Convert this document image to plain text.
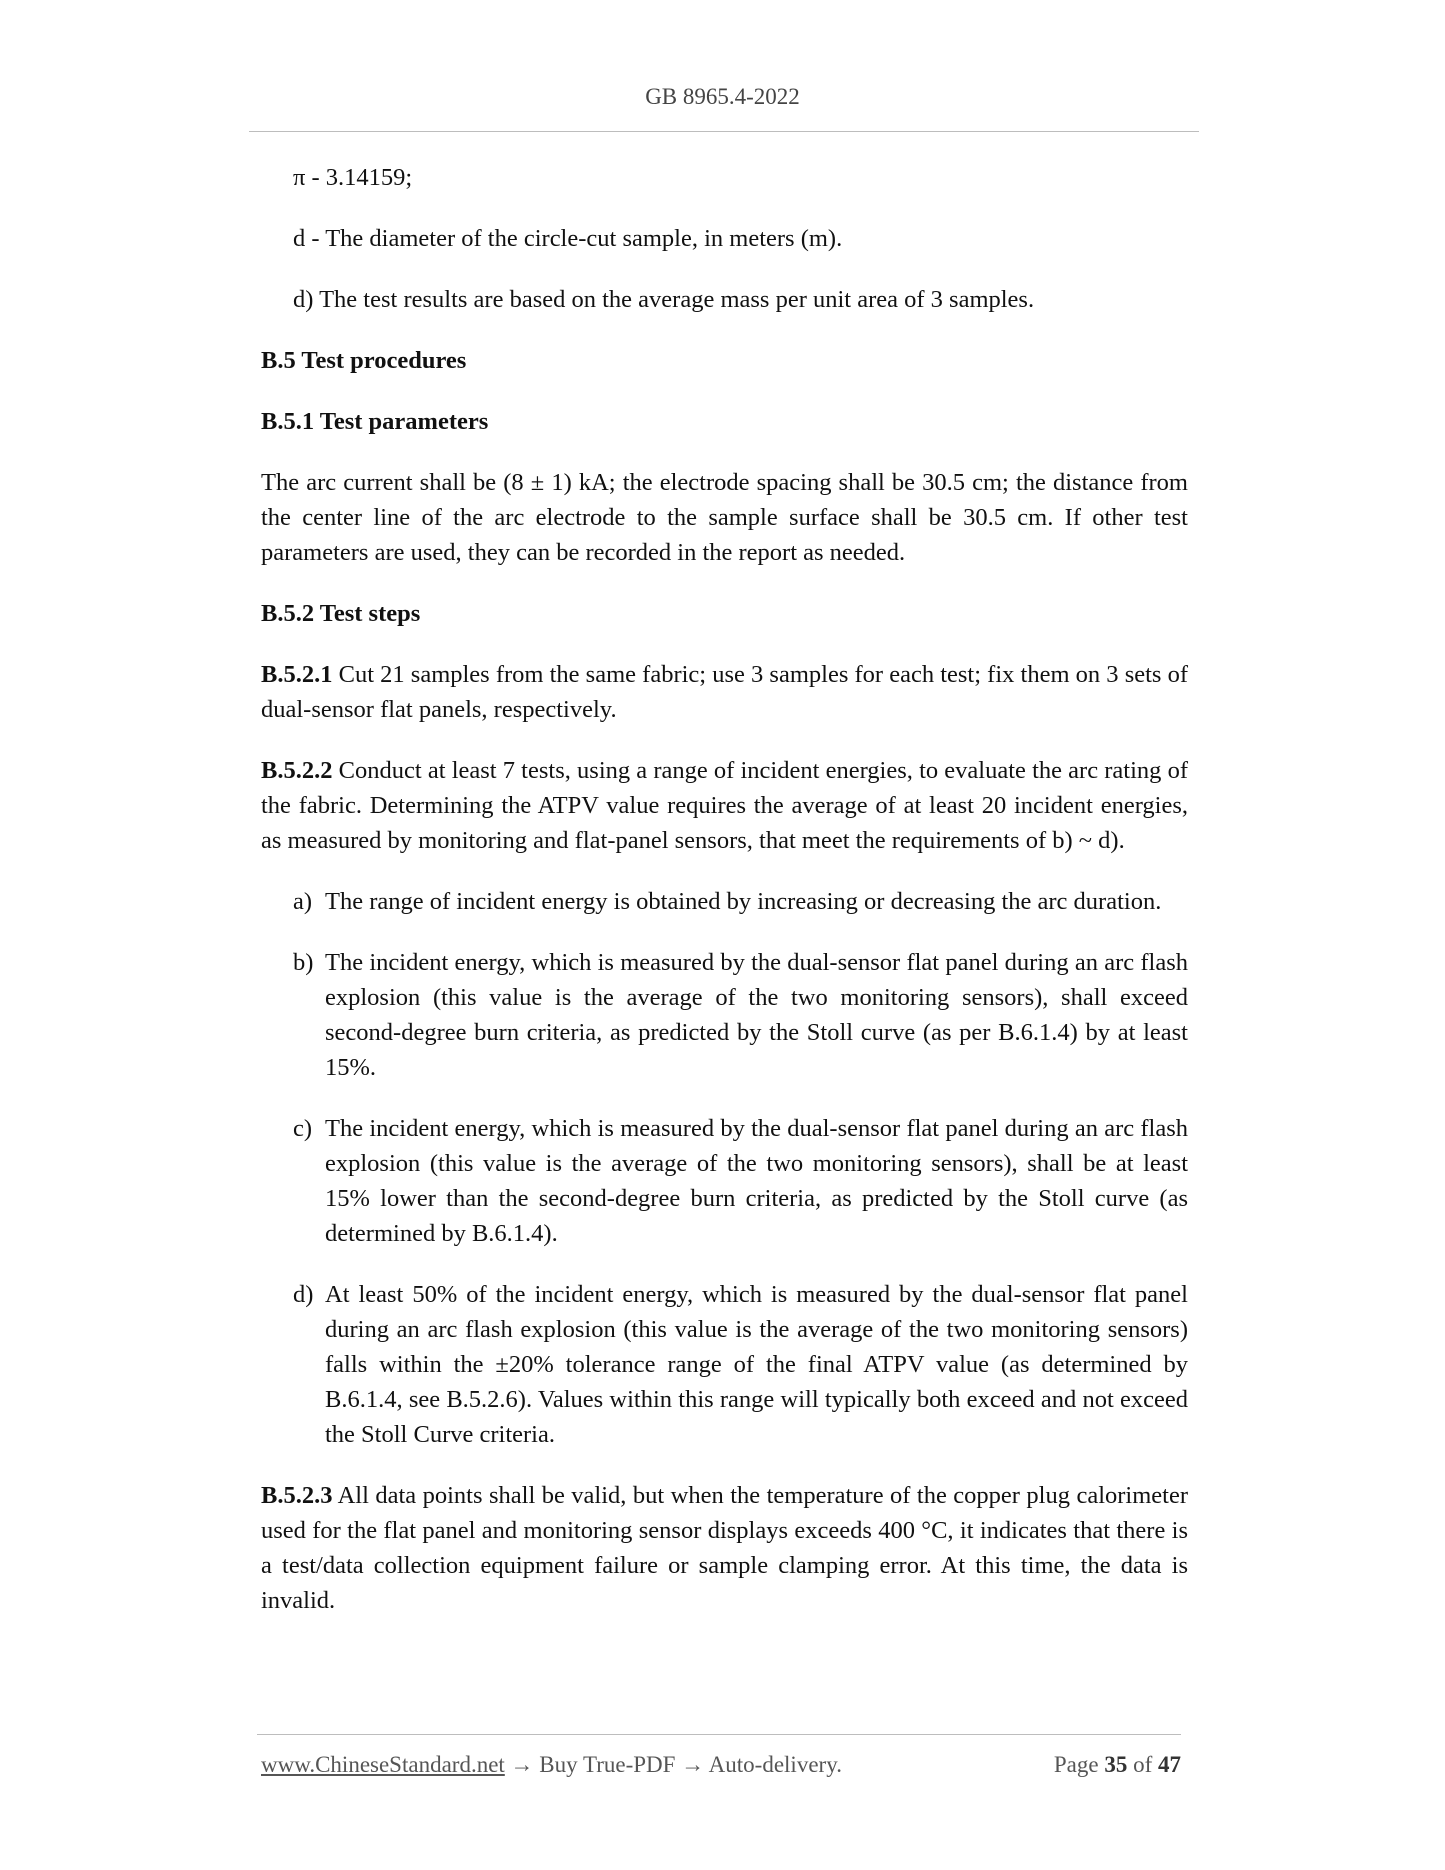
GB 8965.4-2022

π - 3.14159;

d - The diameter of the circle-cut sample, in meters (m).

d) The test results are based on the average mass per unit area of 3 samples.

B.5 Test procedures
B.5.1 Test parameters

The arc current shall be (8 ± 1) kA; the electrode spacing shall be 30.5 cm; the distance from the center line of the arc electrode to the sample surface shall be 30.5 cm. If other test parameters are used, they can be recorded in the report as needed.

B.5.2 Test steps

B.5.2.1 Cut 21 samples from the same fabric; use 3 samples for each test; fix them on 3 sets of dual-sensor flat panels, respectively.

B.5.2.2 Conduct at least 7 tests, using a range of incident energies, to evaluate the arc rating of the fabric. Determining the ATPV value requires the average of at least 20 incident energies, as measured by monitoring and flat-panel sensors, that meet the requirements of b) ~ d).

a) The range of incident energy is obtained by increasing or decreasing the arc duration.
b) The incident energy, which is measured by the dual-sensor flat panel during an arc flash explosion (this value is the average of the two monitoring sensors), shall exceed second-degree burn criteria, as predicted by the Stoll curve (as per B.6.1.4) by at least 15%.
c) The incident energy, which is measured by the dual-sensor flat panel during an arc flash explosion (this value is the average of the two monitoring sensors), shall be at least 15% lower than the second-degree burn criteria, as predicted by the Stoll curve (as determined by B.6.1.4).
d) At least 50% of the incident energy, which is measured by the dual-sensor flat panel during an arc flash explosion (this value is the average of the two monitoring sensors) falls within the ±20% tolerance range of the final ATPV value (as determined by B.6.1.4, see B.5.2.6). Values within this range will typically both exceed and not exceed the Stoll Curve criteria.

B.5.2.3 All data points shall be valid, but when the temperature of the copper plug calorimeter used for the flat panel and monitoring sensor displays exceeds 400 °C, it indicates that there is a test/data collection equipment failure or sample clamping error. At this time, the data is invalid.

www.ChineseStandard.net → Buy True-PDF → Auto-delivery.	Page 35 of 47
